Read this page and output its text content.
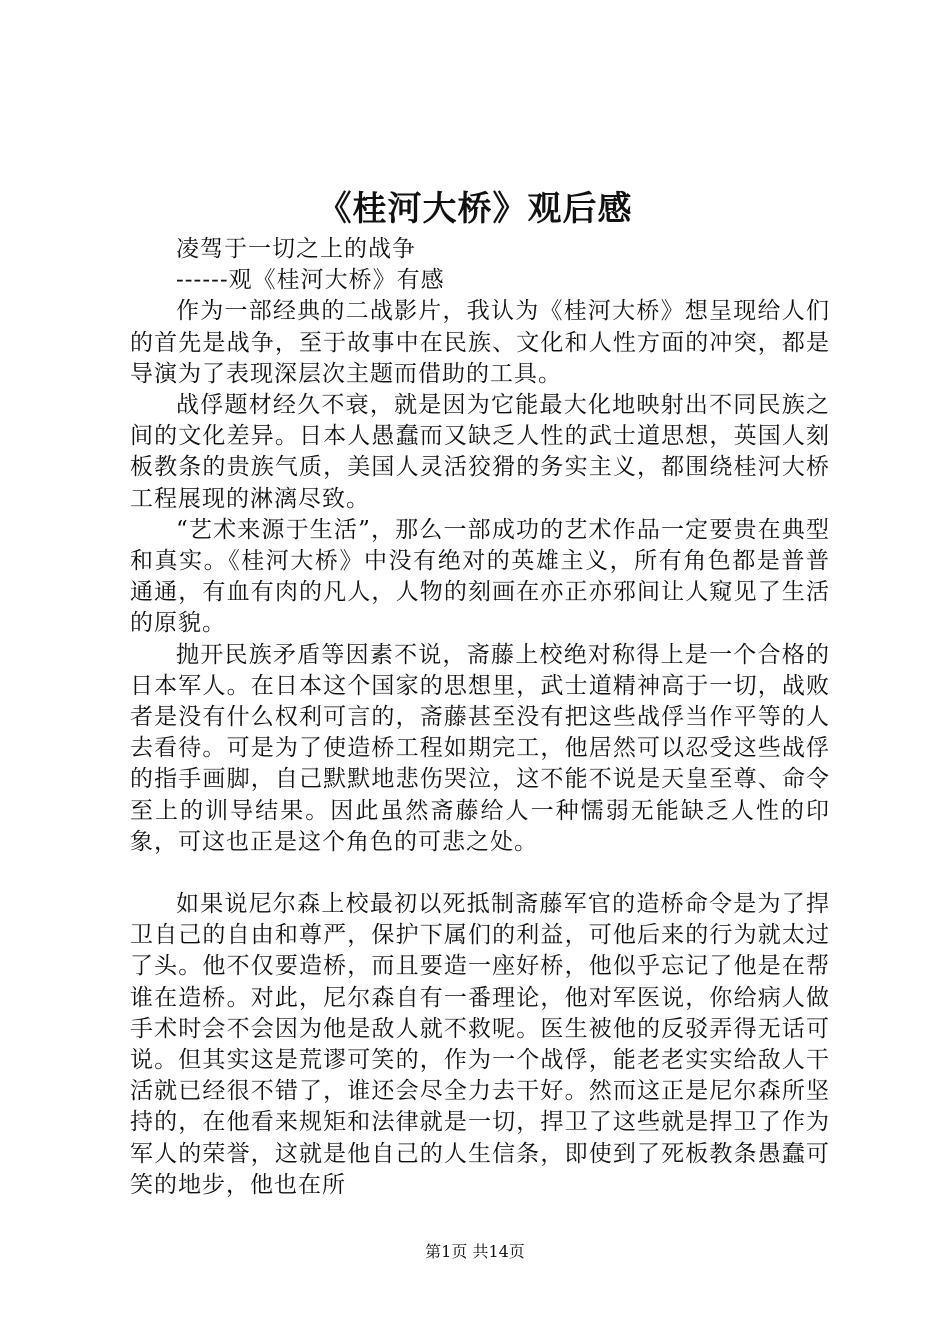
《桂河大桥》观后感

凌驾于一切之上的战争

------观《桂河大桥》有感

作为一部经典的二战影片，我认为《桂河大桥》想呈现给人们的首先是战争，至于故事中在民族、文化和人性方面的冲突，都是导演为了表现深层次主题而借助的工具。

战俘题材经久不衰，就是因为它能最大化地映射出不同民族之间的文化差异。日本人愚蠢而又缺乏人性的武士道思想，英国人刻板教条的贵族气质，美国人灵活狡猾的务实主义，都围绕桂河大桥工程展现的淋漓尽致。

“艺术来源于生活”，那么一部成功的艺术作品一定要贵在典型和真实。《桂河大桥》中没有绝对的英雄主义，所有角色都是普普通通，有血有肉的凡人，人物的刻画在亦正亦邪间让人窥见了生活的原貌。

抛开民族矛盾等因素不说，斋藤上校绝对称得上是一个合格的日本军人。在日本这个国家的思想里，武士道精神高于一切，战败者是没有什么权利可言的，斋藤甚至没有把这些战俘当作平等的人去看待。可是为了使造桥工程如期完工，他居然可以忍受这些战俘的指手画脚，自己默默地悲伤哭泣，这不能不说是天皇至尊、命令至上的训导结果。因此虽然斋藤给人一种懦弱无能缺乏人性的印象，可这也正是这个角色的可悲之处。

如果说尼尔森上校最初以死抵制斋藤军官的造桥命令是为了捍卫自己的自由和尊严，保护下属们的利益，可他后来的行为就太过了头。他不仅要造桥，而且要造一座好桥，他似乎忘记了他是在帮谁在造桥。对此，尼尔森自有一番理论，他对军医说，你给病人做手术时会不会因为他是敌人就不救呢。医生被他的反驳弄得无话可说。但其实这是荒谬可笑的，作为一个战俘，能老老实实给敌人干活就已经很不错了，谁还会尽全力去干好。然而这正是尼尔森所坚持的，在他看来规矩和法律就是一切，捍卫了这些就是捍卫了作为军人的荣誉，这就是他自己的人生信条，即使到了死板教条愚蠢可笑的地步，他也在所

第1页 共14页
